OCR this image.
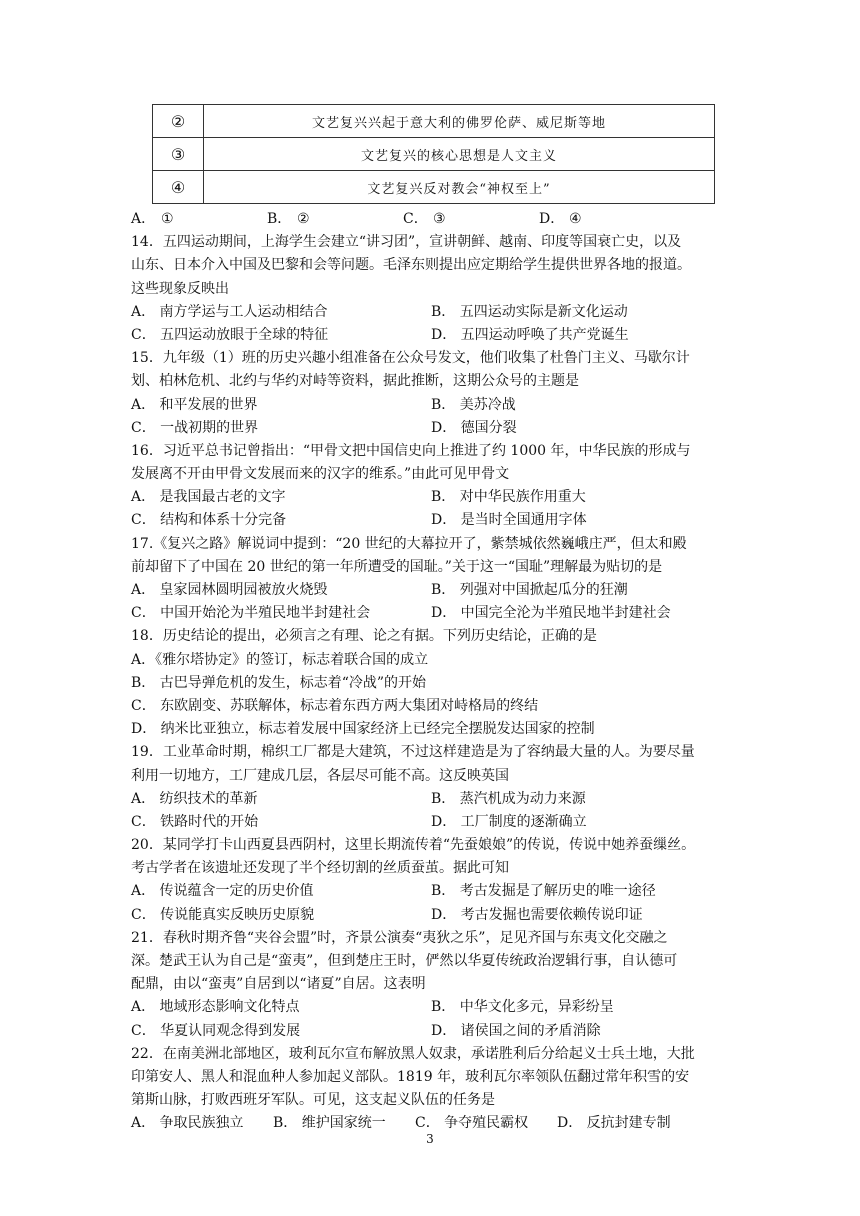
②	文艺复兴兴起于意大利的佛罗伦萨、威尼斯等地
③	文艺复兴的核心思想是人文主义
④	文艺复兴反对教会“神权至上”
A． ①	B． ②	C． ③	D． ④
14．五四运动期间，上海学生会建立“讲习团”，宣讲朝鲜、越南、印度等国衰亡史，以及
山东、日本介入中国及巴黎和会等问题。毛泽东则提出应定期给学生提供世界各地的报道。
这些现象反映出
A． 南方学运与工人运动相结合	B． 五四运动实际是新文化运动
C． 五四运动放眼于全球的特征	D． 五四运动呼唤了共产党诞生
15．九年级（1）班的历史兴趣小组准备在公众号发文，他们收集了杜鲁门主义、马歇尔计
划、柏林危机、北约与华约对峙等资料，据此推断，这期公众号的主题是
A． 和平发展的世界	B． 美苏冷战
C． 一战初期的世界	D． 德国分裂
16．习近平总书记曾指出：“甲骨文把中国信史向上推进了约 1000 年，中华民族的形成与
发展离不开由甲骨文发展而来的汉字的维系。”由此可见甲骨文
A． 是我国最古老的文字	B． 对中华民族作用重大
C． 结构和体系十分完备	D． 是当时全国通用字体
17.《复兴之路》解说词中提到：“20 世纪的大幕拉开了，紫禁城依然巍峨庄严，但太和殿
前却留下了中国在 20 世纪的第一年所遭受的国耻。”关于这一“国耻”理解最为贴切的是
A． 皇家园林圆明园被放火烧毁	B． 列强对中国掀起瓜分的狂潮
C． 中国开始沦为半殖民地半封建社会	D． 中国完全沦为半殖民地半封建社会
18．历史结论的提出，必须言之有理、论之有据。下列历史结论，正确的是
A．《雅尔塔协定》的签订，标志着联合国的成立
B． 古巴导弹危机的发生，标志着“冷战”的开始
C． 东欧剧变、苏联解体，标志着东西方两大集团对峙格局的终结
D． 纳米比亚独立，标志着发展中国家经济上已经完全摆脱发达国家的控制
19．工业革命时期，棉织工厂都是大建筑，不过这样建造是为了容纳最大量的人。为要尽量
利用一切地方，工厂建成几层，各层尽可能不高。这反映英国
A． 纺织技术的革新	B． 蒸汽机成为动力来源
C． 铁路时代的开始	D． 工厂制度的逐渐确立
20．某同学打卡山西夏县西阴村，这里长期流传着“先蚕娘娘”的传说，传说中她养蚕缫丝。
考古学者在该遗址还发现了半个经切割的丝质蚕茧。据此可知
A． 传说蕴含一定的历史价值	B． 考古发掘是了解历史的唯一途径
C． 传说能真实反映历史原貌	D． 考古发掘也需要依赖传说印证
21．春秋时期齐鲁“夹谷会盟”时，齐景公演奏“夷狄之乐”，足见齐国与东夷文化交融之
深。楚武王认为自己是“蛮夷”，但到楚庄王时，俨然以华夏传统政治逻辑行事，自认德可
配鼎，由以“蛮夷”自居到以“诸夏”自居。这表明
A． 地域形态影响文化特点	B． 中华文化多元，异彩纷呈
C． 华夏认同观念得到发展	D． 诸侯国之间的矛盾消除
22．在南美洲北部地区，玻利瓦尔宣布解放黑人奴隶，承诺胜利后分给起义士兵土地，大批
印第安人、黑人和混血种人参加起义部队。1819 年，玻利瓦尔率领队伍翻过常年积雪的安
第斯山脉，打败西班牙军队。可见，这支起义队伍的任务是
A． 争取民族独立	B． 维护国家统一	C． 争夺殖民霸权	D． 反抗封建专制
3
